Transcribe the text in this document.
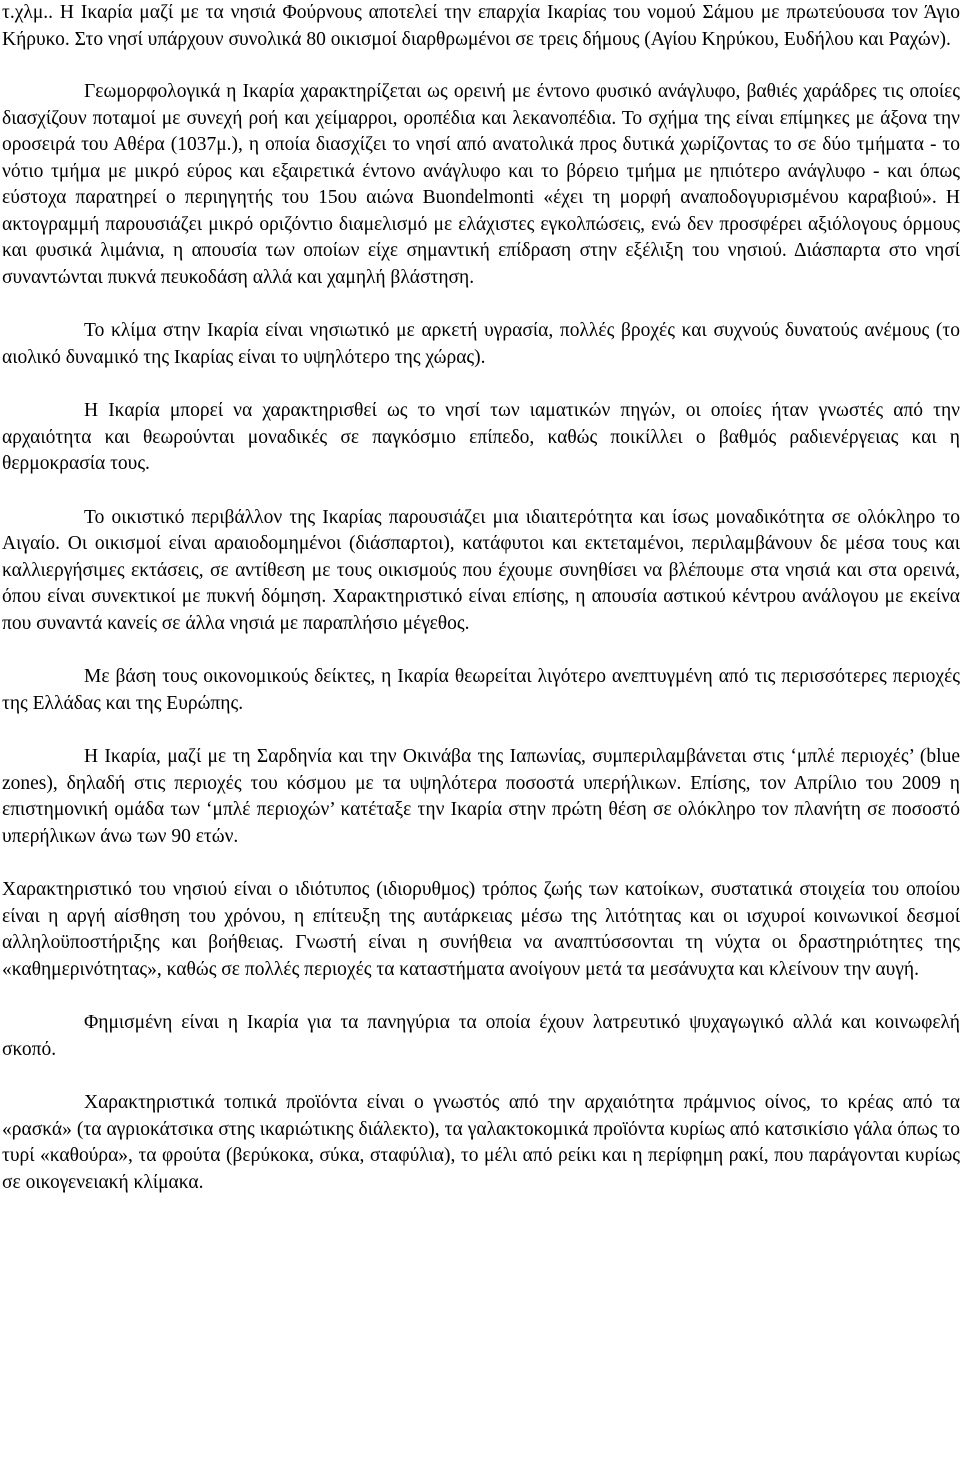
τ.χλμ.. Η Ικαρία μαζί με τα νησιά Φούρνους αποτελεί την επαρχία Ικαρίας του νομού Σάμου με πρωτεύουσα τον Άγιο Κήρυκο. Στο νησί υπάρχουν συνολικά 80 οικισμοί διαρθρωμένοι σε τρεις δήμους (Αγίου Κηρύκου, Ευδήλου και Ραχών).

Γεωμορφολογικά η Ικαρία χαρακτηρίζεται ως ορεινή με έντονο φυσικό ανάγλυφο, βαθιές χαράδρες τις οποίες διασχίζουν ποταμοί με συνεχή ροή και χείμαρροι, οροπέδια και λεκανοπέδια. Το σχήμα της είναι επίμηκες με άξονα την οροσειρά του Αθέρα (1037μ.), η οποία διασχίζει το νησί από ανατολικά προς δυτικά χωρίζοντας το σε δύο τμήματα - το νότιο τμήμα με μικρό εύρος και εξαιρετικά έντονο ανάγλυφο και το βόρειο τμήμα με ηπιότερο ανάγλυφο - και όπως εύστοχα παρατηρεί ο περιηγητής του 15ου αιώνα Buondelmonti «έχει τη μορφή αναποδογυρισμένου καραβιού». Η ακτογραμμή παρουσιάζει μικρό οριζόντιο διαμελισμό με ελάχιστες εγκολπώσεις, ενώ δεν προσφέρει αξιόλογους όρμους και φυσικά λιμάνια, η απουσία των οποίων είχε σημαντική επίδραση στην εξέλιξη του νησιού. Διάσπαρτα στο νησί συναντώνται πυκνά πευκοδάση αλλά και χαμηλή βλάστηση.

Το κλίμα στην Ικαρία είναι νησιωτικό με αρκετή υγρασία, πολλές βροχές και συχνούς δυνατούς ανέμους (το αιολικό δυναμικό της Ικαρίας είναι το υψηλότερο της χώρας).

Η Ικαρία μπορεί να χαρακτηρισθεί ως το νησί των ιαματικών πηγών, οι οποίες ήταν γνωστές από την αρχαιότητα και θεωρούνται μοναδικές σε παγκόσμιο επίπεδο, καθώς ποικίλλει ο βαθμός ραδιενέργειας και η θερμοκρασία τους.

Το οικιστικό περιβάλλον της Ικαρίας παρουσιάζει μια ιδιαιτερότητα και ίσως μοναδικότητα σε ολόκληρο το Αιγαίο. Οι οικισμοί είναι αραιοδομημένοι (διάσπαρτοι), κατάφυτοι και εκτεταμένοι, περιλαμβάνουν δε μέσα τους και καλλιεργήσιμες εκτάσεις, σε αντίθεση με τους οικισμούς που έχουμε συνηθίσει να βλέπουμε στα νησιά και στα ορεινά, όπου είναι συνεκτικοί με πυκνή δόμηση. Χαρακτηριστικό είναι επίσης, η απουσία αστικού κέντρου ανάλογου με εκείνα που συναντά κανείς σε άλλα νησιά με παραπλήσιο μέγεθος.

Με βάση τους οικονομικούς δείκτες, η Ικαρία θεωρείται λιγότερο ανεπτυγμένη από τις περισσότερες περιοχές της Ελλάδας και της Ευρώπης.

Η Ικαρία, μαζί με τη Σαρδηνία και την Οκινάβα της Ιαπωνίας, συμπεριλαμβάνεται στις ‘μπλέ περιοχές’ (blue zones), δηλαδή στις περιοχές του κόσμου με τα υψηλότερα ποσοστά υπερήλικων. Επίσης, τον Απρίλιο του 2009 η επιστημονική ομάδα των ‘μπλέ περιοχών’ κατέταξε την Ικαρία στην πρώτη θέση σε ολόκληρο τον πλανήτη σε ποσοστό υπερήλικων άνω των 90 ετών.

Χαρακτηριστικό του νησιού είναι ο ιδιότυπος (ιδιορυθμος) τρόπος ζωής των κατοίκων, συστατικά στοιχεία του οποίου είναι η αργή αίσθηση του χρόνου, η επίτευξη της αυτάρκειας μέσω της λιτότητας και οι ισχυροί κοινωνικοί δεσμοί αλληλοϋποστήριξης και βοήθειας. Γνωστή είναι η συνήθεια να αναπτύσσονται τη νύχτα οι δραστηριότητες της «καθημερινότητας», καθώς σε πολλές περιοχές τα καταστήματα ανοίγουν μετά τα μεσάνυχτα και κλείνουν την αυγή.

Φημισμένη είναι η Ικαρία για τα πανηγύρια τα οποία έχουν λατρευτικό ψυχαγωγικό αλλά και κοινωφελή σκοπό.

Χαρακτηριστικά τοπικά προϊόντα είναι ο γνωστός από την αρχαιότητα πράμνιος οίνος, το κρέας από τα «ρασκά» (τα αγριοκάτσικα στης ικαριώτικης διάλεκτο), τα γαλακτοκομικά προϊόντα κυρίως από κατσικίσιο γάλα όπως το τυρί «καθούρα», τα φρούτα (βερύκοκα, σύκα, σταφύλια), το μέλι από ρείκι και η περίφημη ρακί, που παράγονται κυρίως σε οικογενειακή κλίμακα.
